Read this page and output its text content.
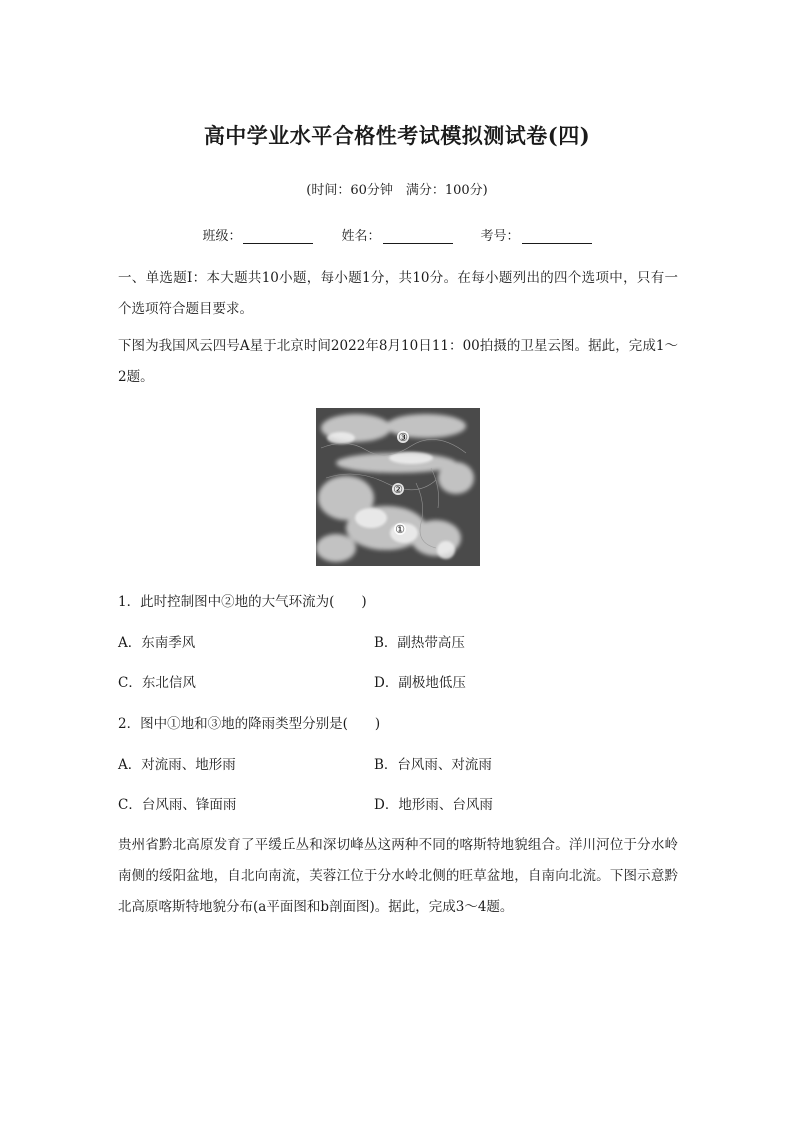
高中学业水平合格性考试模拟测试卷(四)
(时间：60分钟　满分：100分)
班级：	姓名：	考号：
一、单选题Ⅰ：本大题共10小题，每小题1分，共10分。在每小题列出的四个选项中，只有一个选项符合题目要求。
下图为我国风云四号A星于北京时间2022年8月10日11：00拍摄的卫星云图。据此，完成1～2题。
③
②
①
1．此时控制图中②地的大气环流为(　　)
A．东南季风	B．副热带高压
C．东北信风	D．副极地低压
2．图中①地和③地的降雨类型分别是(　　)
A．对流雨、地形雨	B．台风雨、对流雨
C．台风雨、锋面雨	D．地形雨、台风雨
贵州省黔北高原发育了平缓丘丛和深切峰丛这两种不同的喀斯特地貌组合。洋川河位于分水岭南侧的绥阳盆地，自北向南流，芙蓉江位于分水岭北侧的旺草盆地，自南向北流。下图示意黔北高原喀斯特地貌分布(a平面图和b剖面图)。据此，完成3～4题。
